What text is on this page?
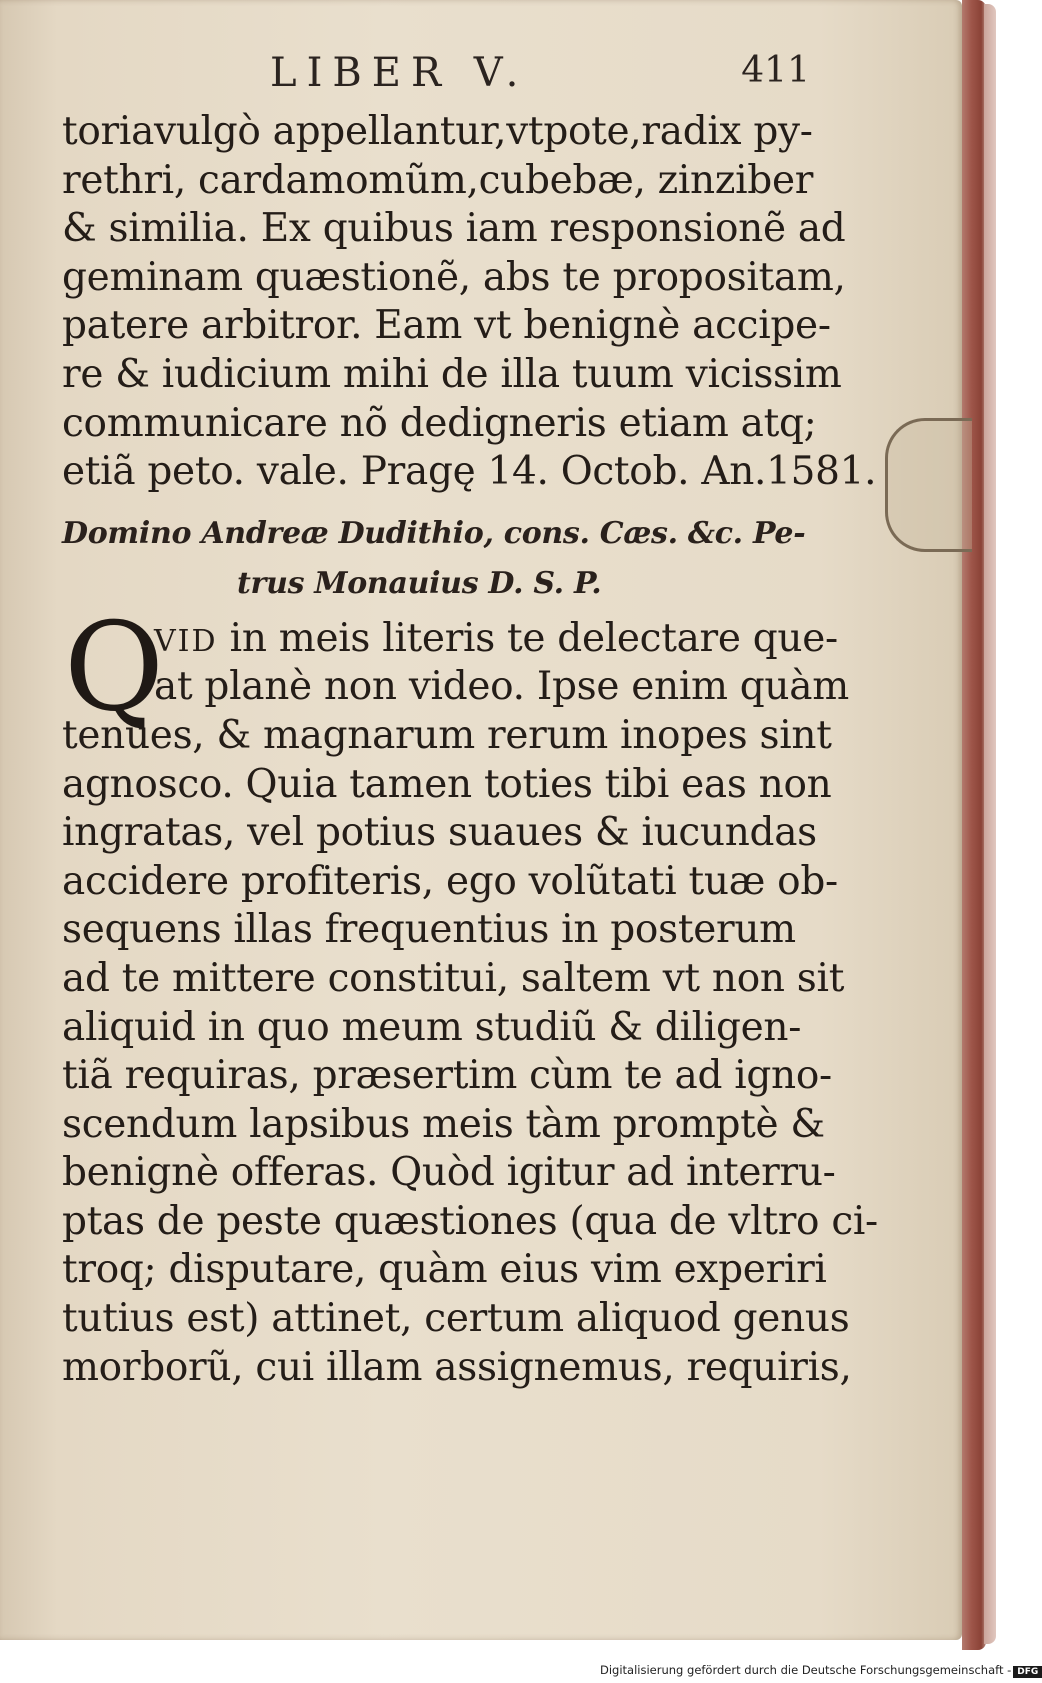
LIBER V.	411
toriavulgò appellantur,vtpote,radix py-
rethri, cardamomũm,cubebæ, zinziber
& similia. Ex quibus iam responsionẽ ad
geminam quæstionẽ, abs te propositam,
patere arbitror. Eam vt benignè accipe-
re & iudicium mihi de illa tuum vicissim
communicare nõ dedigneris etiam atq;
etiã peto. vale. Pragę 14. Octob. An.1581.
Domino Andreæ Dudithio, cons. Cæs. &c. Pe-
trus Monauius D. S. P.
Q
VID in meis literis te delectare que-
at planè non video. Ipse enim quàm
tenues, & magnarum rerum inopes sint
agnosco. Quia tamen toties tibi eas non
ingratas, vel potius suaues & iucundas
accidere profiteris, ego volũtati tuæ ob-
sequens illas frequentius in posterum
ad te mittere constitui, saltem vt non sit
aliquid in quo meum studiũ & diligen-
tiã requiras, præsertim cùm te ad igno-
scendum lapsibus meis tàm promptè &
benignè offeras. Quòd igitur ad interru-
ptas de peste quæstiones (qua de vltro ci-
troq; disputare, quàm eius vim experiri
tutius est) attinet, certum aliquod genus
morborũ, cui illam assignemus, requiris,
Digitalisierung gefördert durch die Deutsche Forschungsgemeinschaft - DFG
